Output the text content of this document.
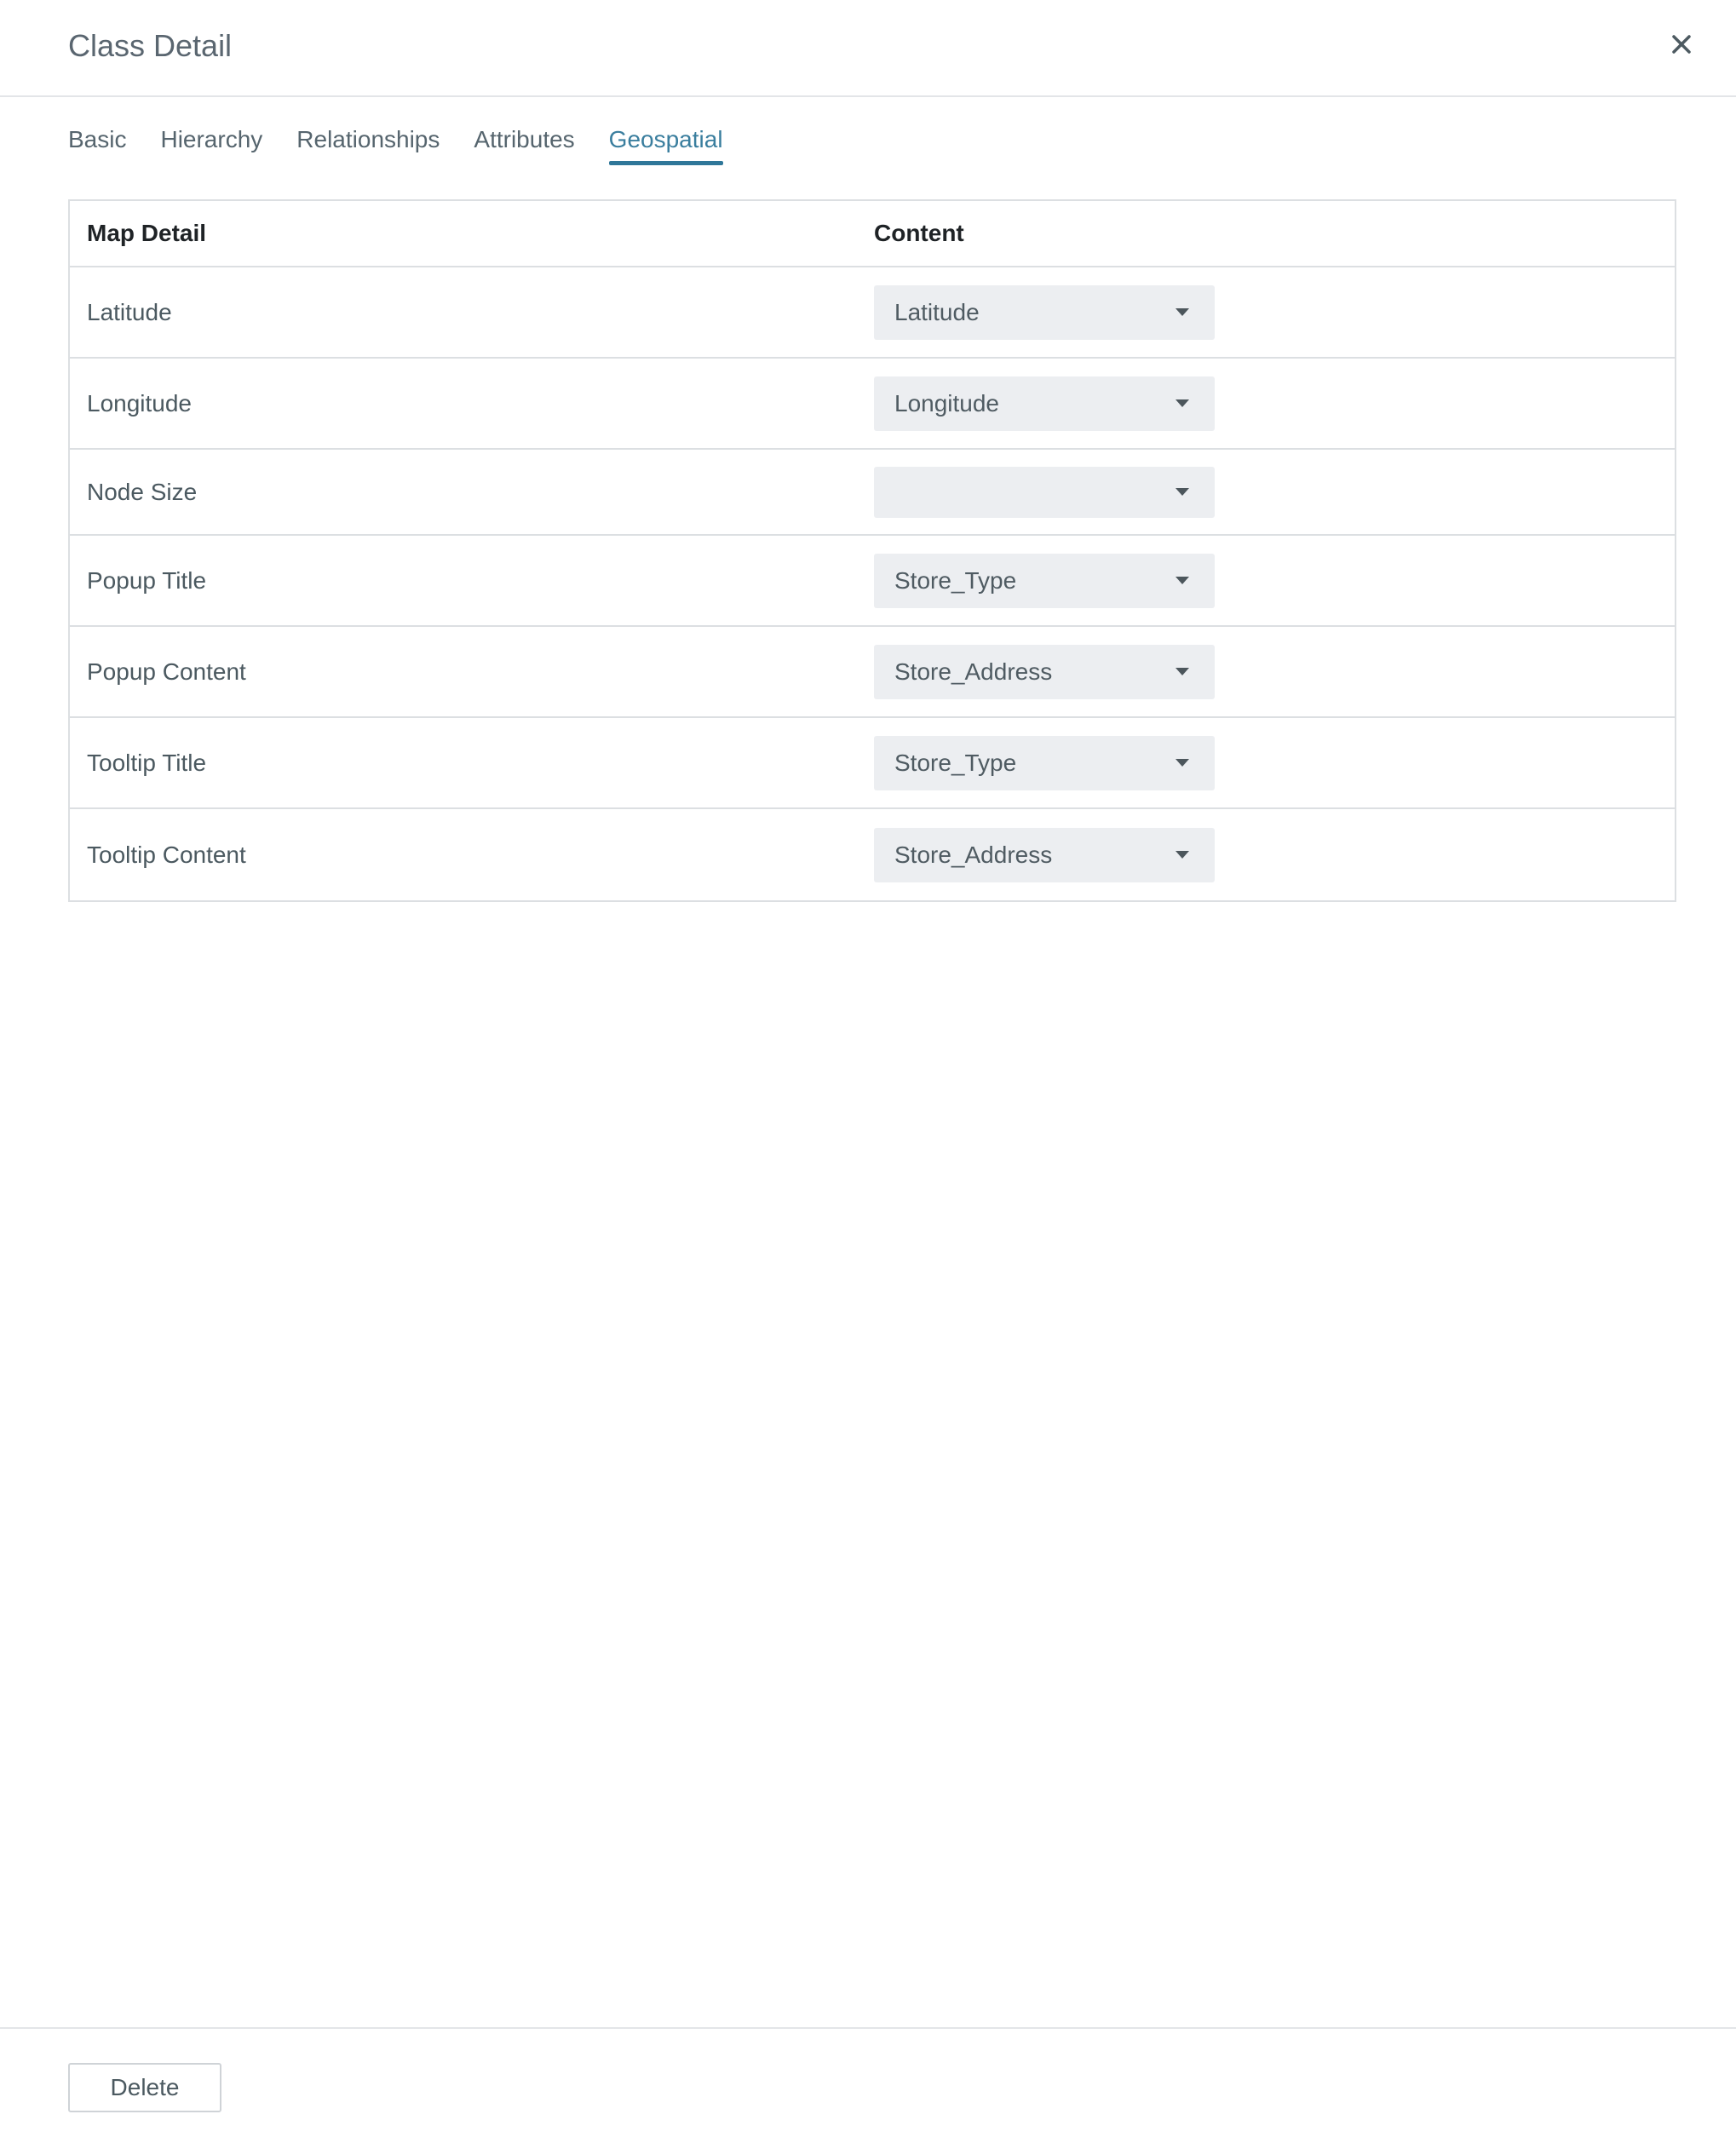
Class Detail
Basic Hierarchy Relationships Attributes Geospatial
Map Detail	Content
Latitude	Latitude
Longitude	Longitude
Node Size
Popup Title	Store_Type
Popup Content	Store_Address
Tooltip Title	Store_Type
Tooltip Content	Store_Address
Delete
